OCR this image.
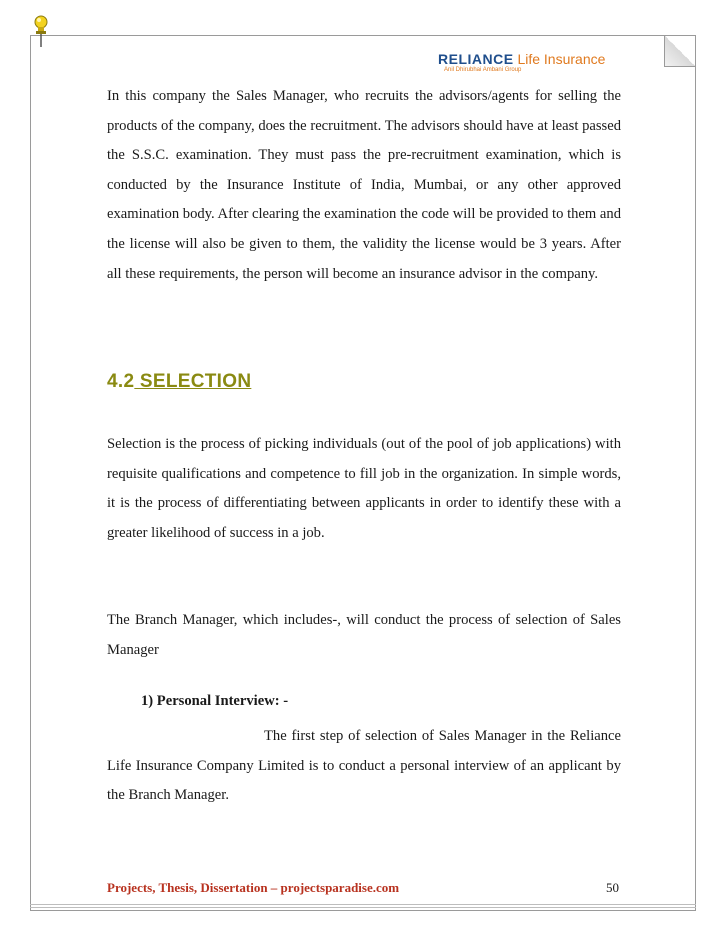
RELIANCE Life Insurance
Anil Dhirubhai Ambani Group

In this company the Sales Manager, who recruits the advisors/agents for selling the products of the company, does the recruitment. The advisors should have at least passed the S.S.C. examination. They must pass the pre-recruitment examination, which is conducted by the Insurance Institute of India, Mumbai, or any other approved examination body. After clearing the examination the code will be provided to them and the license will also be given to them, the validity the license would be 3 years. After all these requirements, the person will become an insurance advisor in the company.

4.2 SELECTION

Selection is the process of picking individuals (out of the pool of job applications) with requisite qualifications and competence to fill job in the organization. In simple words, it is the process of differentiating between applicants in order to identify these with a greater likelihood of success in a job.

The Branch Manager, which includes-, will conduct the process of selection of Sales Manager

1) Personal Interview: -

The first step of selection of Sales Manager in the Reliance Life Insurance Company Limited is to conduct a personal interview of an applicant by the Branch Manager.

Projects, Thesis, Dissertation – projectsparadise.com	50
